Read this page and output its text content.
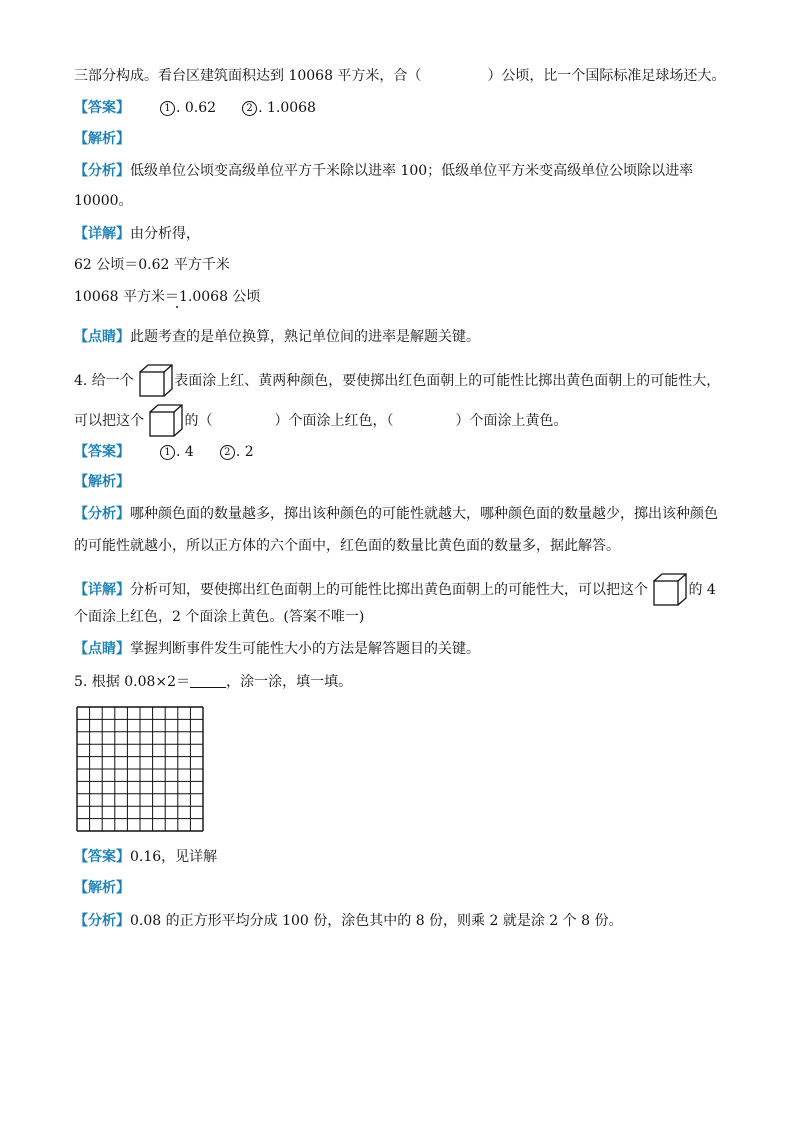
三部分构成。看台区建筑面积达到 10068 平方米，合（	）公顷，比一个国际标准足球场还大。
【答案】	1 . 0.62	2 . 1.0068
【解析】
【分析】低级单位公顷变高级单位平方千米除以进率 100；低级单位平方米变高级单位公顷除以进率
10000。
【详解】由分析得，
62 公顷＝0.62 平方千米
10068 平方米＝1.0068 公顷
【点睛】此题考查的是单位换算，熟记单位间的进率是解题关键。
4. 给一个	表面涂上红、黄两种颜色，要使掷出红色面朝上的可能性比掷出黄色面朝上的可能性大，
可以把这个	的（	）个面涂上红色，（	）个面涂上黄色。
【答案】	1 . 4	2 . 2
【解析】
【分析】哪种颜色面的数量越多，掷出该种颜色的可能性就越大，哪种颜色面的数量越少，掷出该种颜色
的可能性就越小，所以正方体的六个面中，红色面的数量比黄色面的数量多，据此解答。
【详解】分析可知，要使掷出红色面朝上的可能性比掷出黄色面朝上的可能性大，可以把这个	的 4
个面涂上红色，2 个面涂上黄色。(答案不唯一)
【点睛】掌握判断事件发生可能性大小的方法是解答题目的关键。
5. 根据 0.08×2＝	，涂一涂，填一填。
【答案】0.16，见详解
【解析】
【分析】0.08 的正方形平均分成 100 份，涂色其中的 8 份，则乘 2 就是涂 2 个 8 份。
